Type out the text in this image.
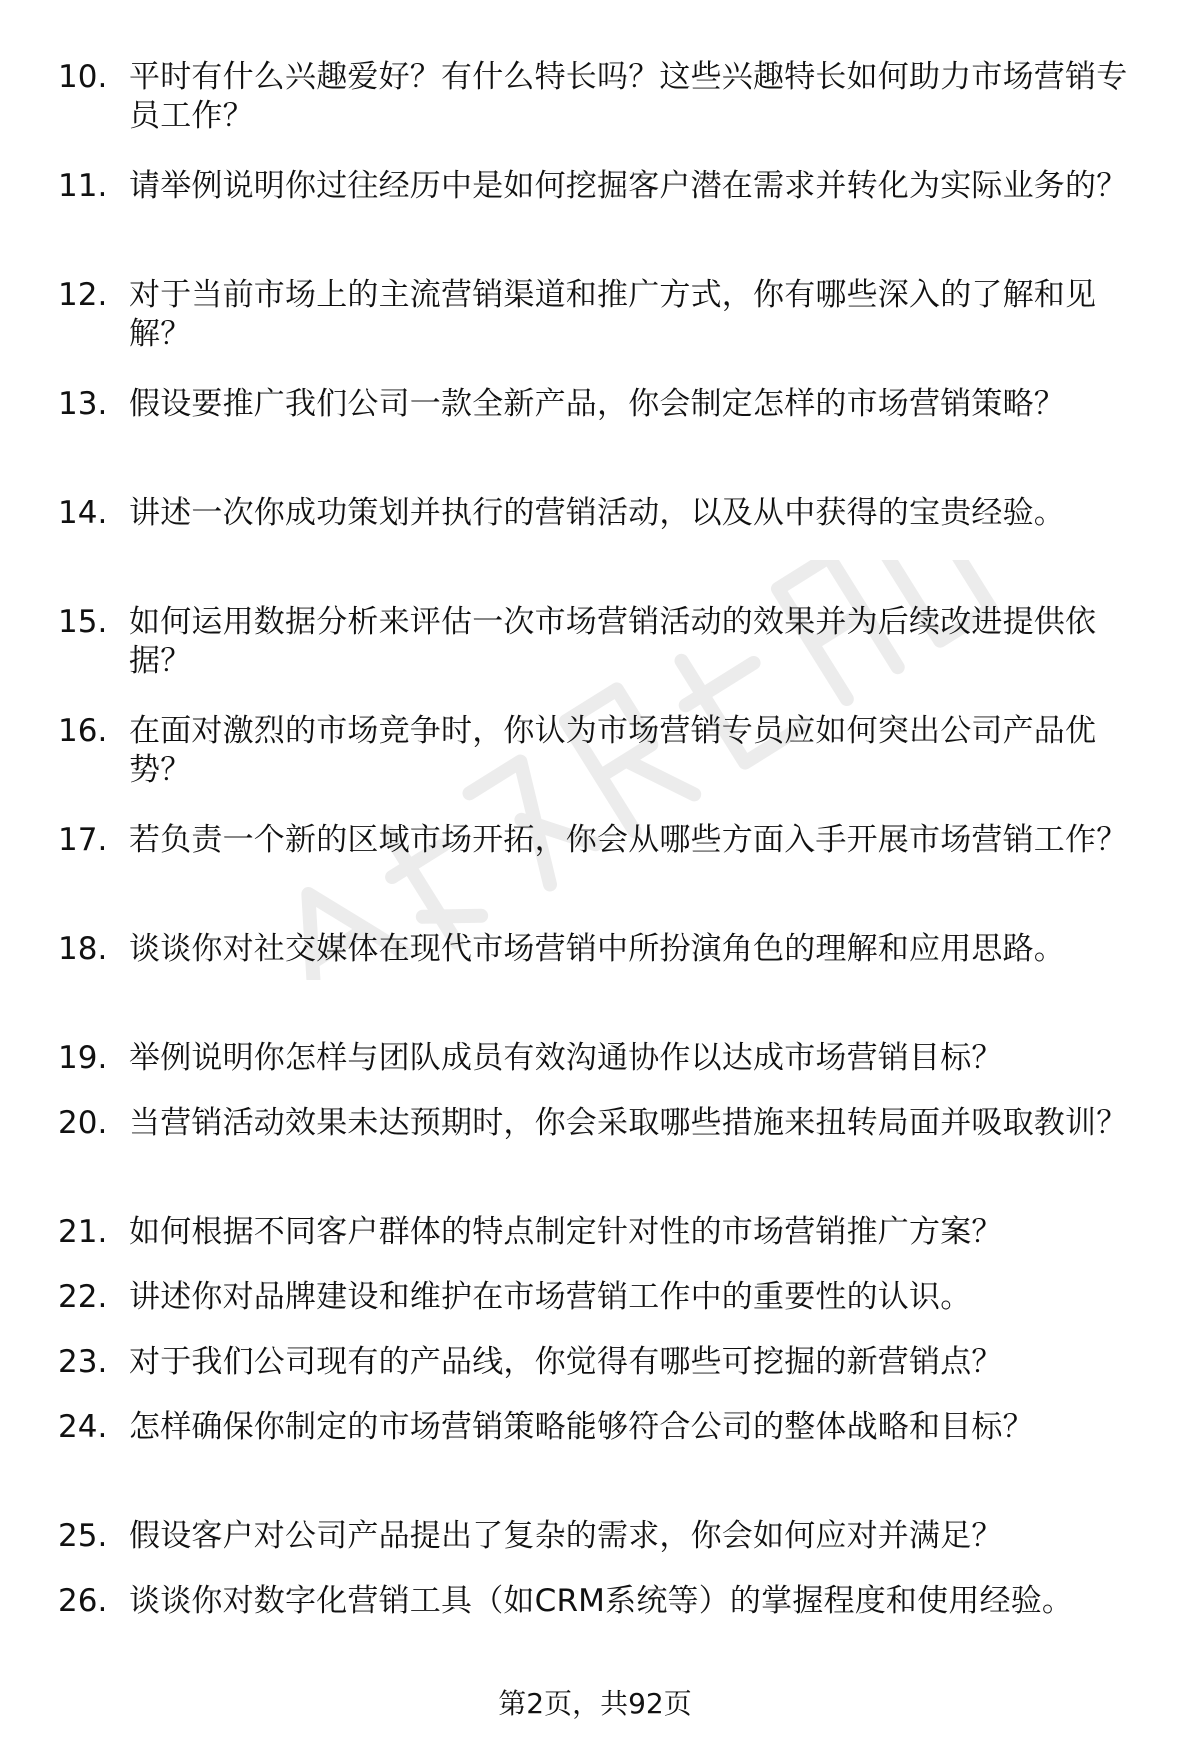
10. 平时有什么兴趣爱好？有什么特长吗？这些兴趣特长如何助力市场营销专员工作？
11. 请举例说明你过往经历中是如何挖掘客户潜在需求并转化为实际业务的？
12. 对于当前市场上的主流营销渠道和推广方式，你有哪些深入的了解和见解？
13. 假设要推广我们公司一款全新产品，你会制定怎样的市场营销策略？
14. 讲述一次你成功策划并执行的营销活动，以及从中获得的宝贵经验。
15. 如何运用数据分析来评估一次市场营销活动的效果并为后续改进提供依据？
16. 在面对激烈的市场竞争时，你认为市场营销专员应如何突出公司产品优势？
17. 若负责一个新的区域市场开拓，你会从哪些方面入手开展市场营销工作？
18. 谈谈你对社交媒体在现代市场营销中所扮演角色的理解和应用思路。
19. 举例说明你怎样与团队成员有效沟通协作以达成市场营销目标？
20. 当营销活动效果未达预期时，你会采取哪些措施来扭转局面并吸取教训？
21. 如何根据不同客户群体的特点制定针对性的市场营销推广方案？
22. 讲述你对品牌建设和维护在市场营销工作中的重要性的认识。
23. 对于我们公司现有的产品线，你觉得有哪些可挖掘的新营销点？
24. 怎样确保你制定的市场营销策略能够符合公司的整体战略和目标？
25. 假设客户对公司产品提出了复杂的需求，你会如何应对并满足？
26. 谈谈你对数字化营销工具（如CRM系统等）的掌握程度和使用经验。
第2页，共92页
